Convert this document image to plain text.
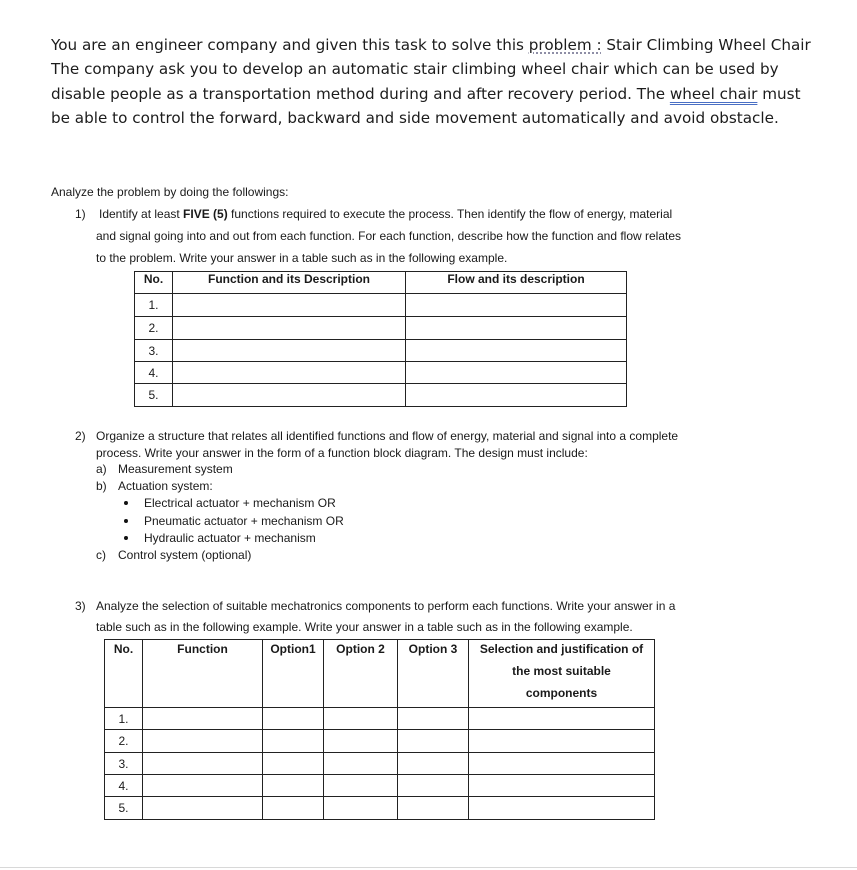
You are an engineer company and given this task to solve this problem : Stair Climbing Wheel Chair

The company ask you to develop an automatic stair climbing wheel chair which can be used by

disable people as a transportation method during and after recovery period. The wheel chair must

be able to control the forward, backward and side movement automatically and avoid obstacle.

Analyze the problem by doing the followings:
1) Identify at least FIVE (5) functions required to execute the process. Then identify the flow of energy, material
and signal going into and out from each function. For each function, describe how the function and flow relates
to the problem. Write your answer in a table such as in the following example.
No.	Function and its Description	Flow and its description
1.		
2.		
3.		
4.		
5.		
2) Organize a structure that relates all identified functions and flow of energy, material and signal into a complete
process. Write your answer in the form of a function block diagram. The design must include:
a) Measurement system
b) Actuation system:
Electrical actuator + mechanism OR
Pneumatic actuator + mechanism OR
Hydraulic actuator + mechanism
c) Control system (optional)
3) Analyze the selection of suitable mechatronics components to perform each functions. Write your answer in a
table such as in the following example. Write your answer in a table such as in the following example.
No.	Function	Option1	Option 2	Option 3	Selection and justification of
the most suitable
components

1.					
2.					
3.					
4.					
5.					
